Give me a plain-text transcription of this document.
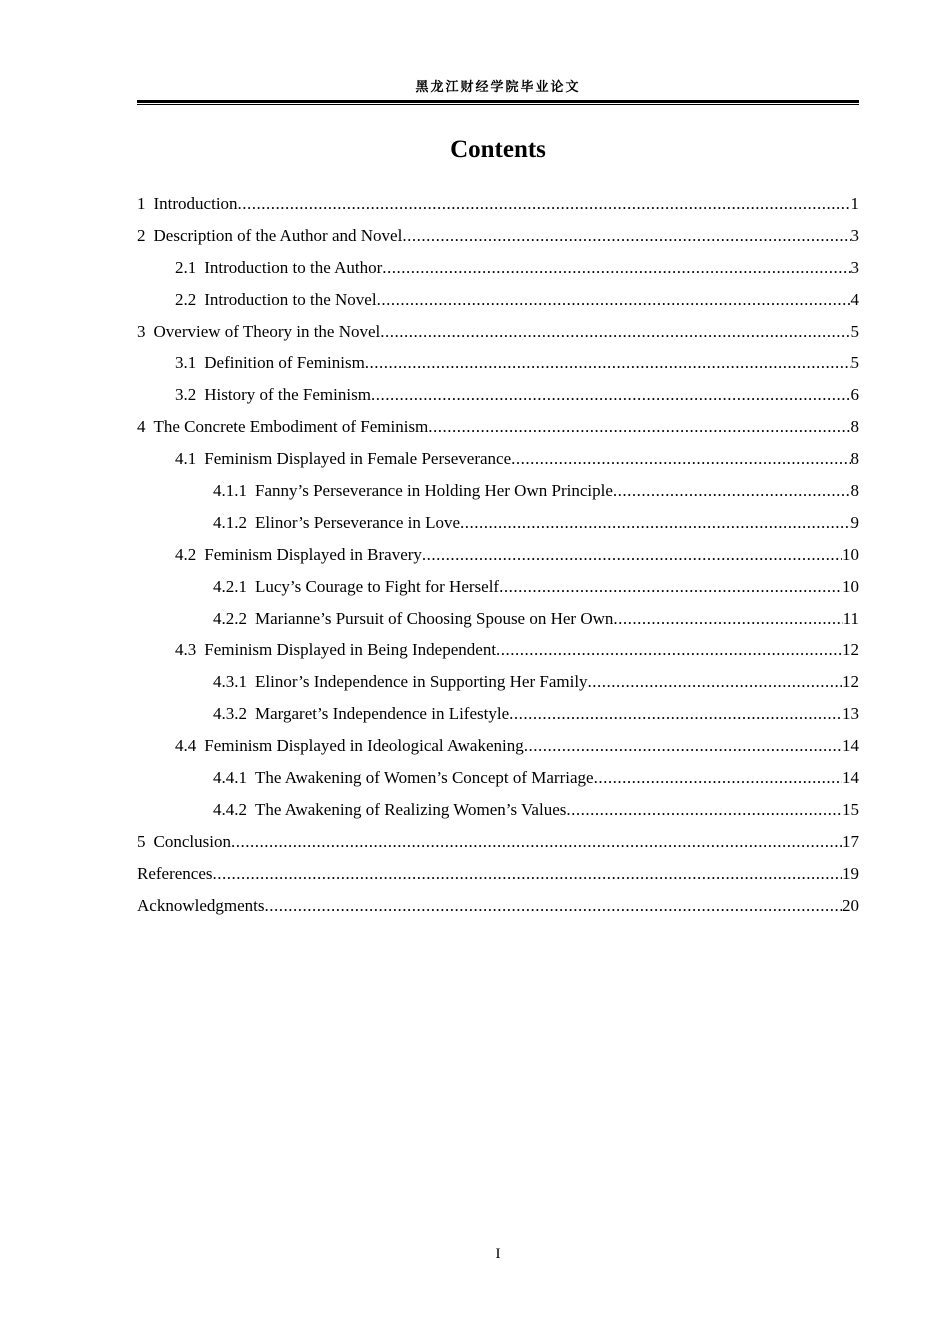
黑龙江财经学院毕业论文
Contents
1 Introduction .....	1
2 Description of the Author and Novel .....	3
2.1 Introduction to the Author .....	3
2.2 Introduction to the Novel .....	4
3 Overview of Theory in the Novel .....	5
3.1 Definition of Feminism .....	5
3.2 History of the Feminism .....	6
4 The Concrete Embodiment of Feminism .....	8
4.1 Feminism Displayed in Female Perseverance .....	8
4.1.1 Fanny’s Perseverance in Holding Her Own Principle .....	8
4.1.2 Elinor’s Perseverance in Love .....	9
4.2 Feminism Displayed in Bravery .....	10
4.2.1 Lucy’s Courage to Fight for Herself .....	10
4.2.2 Marianne’s Pursuit of Choosing Spouse on Her Own .....	11
4.3 Feminism Displayed in Being Independent .....	12
4.3.1 Elinor’s Independence in Supporting Her Family .....	12
4.3.2 Margaret’s Independence in Lifestyle .....	13
4.4 Feminism Displayed in Ideological Awakening .....	14
4.4.1 The Awakening of Women’s Concept of Marriage .....	14
4.4.2 The Awakening of Realizing Women’s Values .....	15
5 Conclusion .....	17
References .....	19
Acknowledgments .....	20
I
